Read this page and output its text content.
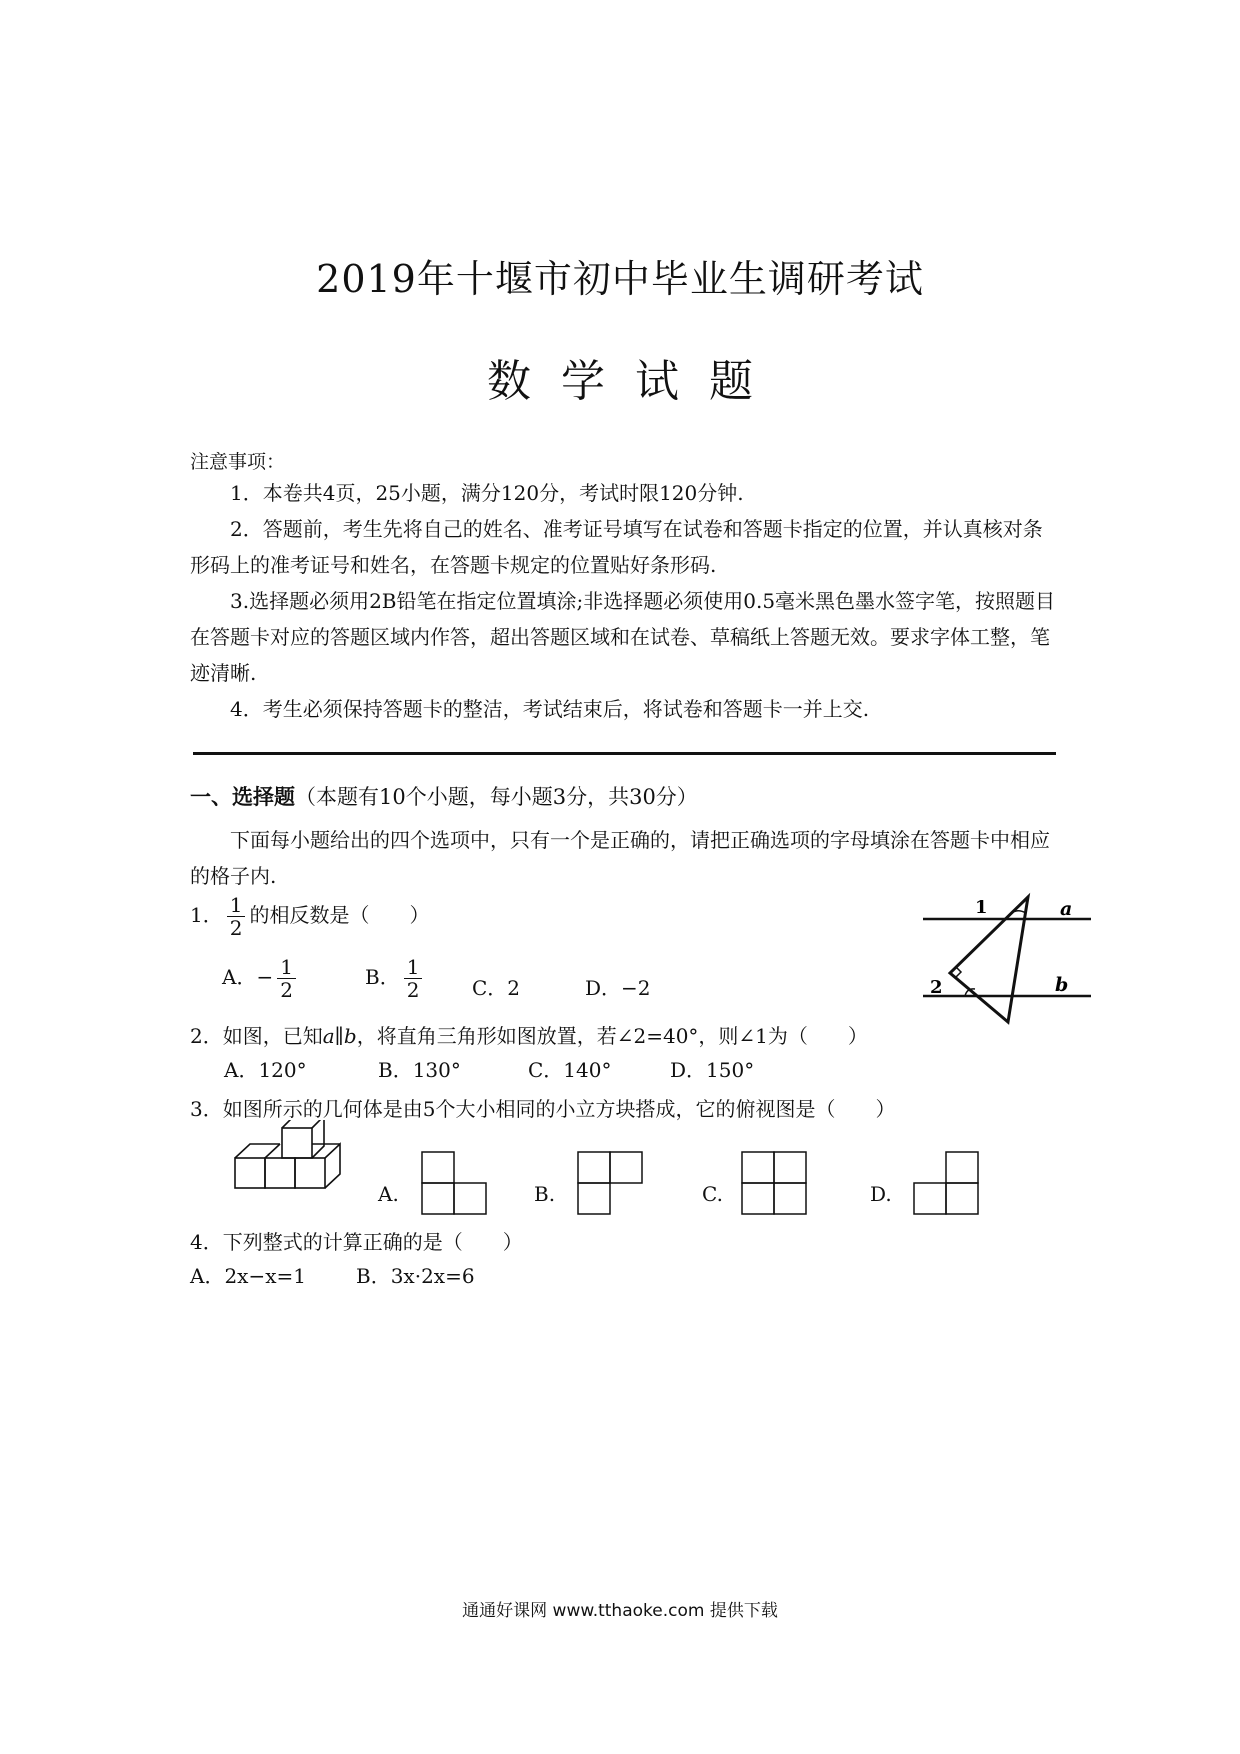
2019年十堰市初中毕业生调研考试
数学试题
注意事项：
1．本卷共4页，25小题，满分120分，考试时限120分钟.
2．答题前，考生先将自己的姓名、准考证号填写在试卷和答题卡指定的位置，并认真核对条形码上的准考证号和姓名，在答题卡规定的位置贴好条形码.
3.选择题必须用2B铅笔在指定位置填涂;非选择题必须使用0.5毫米黑色墨水签字笔，按照题目在答题卡对应的答题区域内作答，超出答题区域和在试卷、草稿纸上答题无效。要求字体工整，笔迹清晰.
4．考生必须保持答题卡的整洁，考试结束后，将试卷和答题卡一并上交.
一、选择题（本题有10个小题，每小题3分，共30分）
下面每小题给出的四个选项中，只有一个是正确的，请把正确选项的字母填涂在答题卡中相应的格子内.
1． $\frac{1}{2}$ 的相反数是（　　）
A．− $\frac{1}{2}$	B． $\frac{1}{2}$ C．2	D．−2
1	a
2	b
2．如图，已知a∥b，将直角三角形如图放置，若∠2=40°，则∠1为（　　）
A．120°	B．130°	C．140°	D．150°
3．如图所示的几何体是由5个大小相同的小立方块搭成，它的俯视图是（　　）
A.	B.	C.	D.
4．下列整式的计算正确的是（　　）
A．2x−x=1	B．3x·2x=6
通通好课网 www.tthaoke.com 提供下载
